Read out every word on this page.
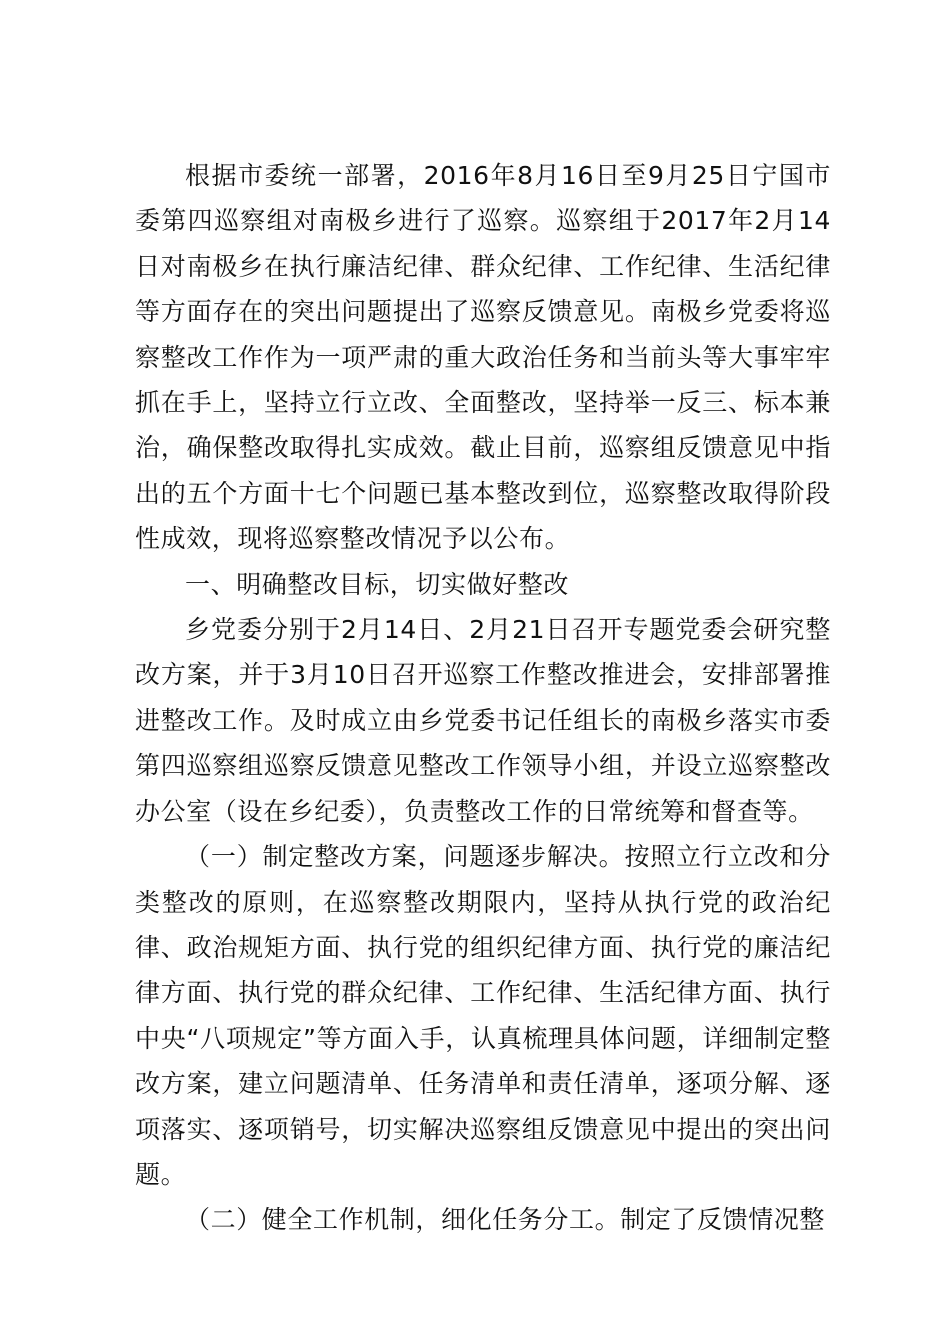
根据市委统一部署，2016年8月16日至9月25日宁国市委第四巡察组对南极乡进行了巡察。巡察组于2017年2月14日对南极乡在执行廉洁纪律、群众纪律、工作纪律、生活纪律等方面存在的突出问题提出了巡察反馈意见。南极乡党委将巡察整改工作作为一项严肃的重大政治任务和当前头等大事牢牢抓在手上，坚持立行立改、全面整改，坚持举一反三、标本兼治，确保整改取得扎实成效。截止目前，巡察组反馈意见中指出的五个方面十七个问题已基本整改到位，巡察整改取得阶段性成效，现将巡察整改情况予以公布。

一、明确整改目标，切实做好整改

乡党委分别于2月14日、2月21日召开专题党委会研究整改方案，并于3月10日召开巡察工作整改推进会，安排部署推进整改工作。及时成立由乡党委书记任组长的南极乡落实市委第四巡察组巡察反馈意见整改工作领导小组，并设立巡察整改办公室（设在乡纪委），负责整改工作的日常统筹和督查等。

（一）制定整改方案，问题逐步解决。按照立行立改和分类整改的原则，在巡察整改期限内，坚持从执行党的政治纪律、政治规矩方面、执行党的组织纪律方面、执行党的廉洁纪律方面、执行党的群众纪律、工作纪律、生活纪律方面、执行中央“八项规定”等方面入手，认真梳理具体问题，详细制定整改方案，建立问题清单、任务清单和责任清单，逐项分解、逐项落实、逐项销号，切实解决巡察组反馈意见中提出的突出问题。

（二）健全工作机制，细化任务分工。制定了反馈情况整
